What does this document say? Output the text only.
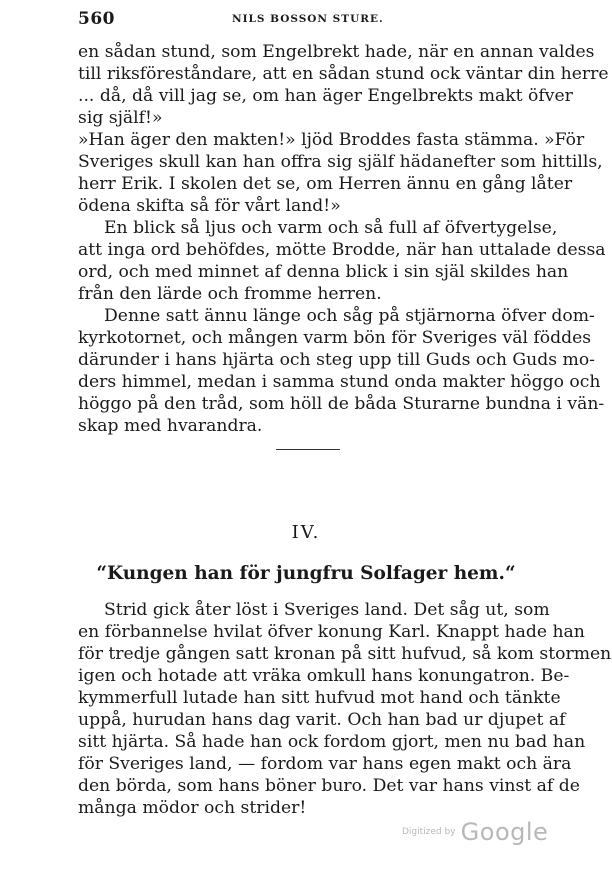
560	NILS BOSSON STURE.
en sådan stund, som Engelbrekt hade, när en annan valdes
till riksföreståndare, att en sådan stund ock väntar din herre
... då, då vill jag se, om han äger Engelbrekts makt öfver
sig själf!»
»Han äger den makten!» ljöd Broddes fasta stämma. »För
Sveriges skull kan han offra sig själf hädanefter som hittills,
herr Erik. I skolen det se, om Herren ännu en gång låter
ödena skifta så för vårt land!»
En blick så ljus och varm och så full af öfvertygelse,
att inga ord behöfdes, mötte Brodde, när han uttalade dessa
ord, och med minnet af denna blick i sin själ skildes han
från den lärde och fromme herren.
Denne satt ännu länge och såg på stjärnorna öfver dom-
kyrkotornet, och mången varm bön för Sveriges väl föddes
därunder i hans hjärta och steg upp till Guds och Guds mo-
ders himmel, medan i samma stund onda makter höggo och
höggo på den tråd, som höll de båda Sturarne bundna i vän-
skap med hvarandra.
IV.
“Kungen han för jungfru Solfager hem.“
Strid gick åter löst i Sveriges land. Det såg ut, som
en förbannelse hvilat öfver konung Karl. Knappt hade han
för tredje gången satt kronan på sitt hufvud, så kom stormen
igen och hotade att vräka omkull hans konungatron. Be-
kymmerfull lutade han sitt hufvud mot hand och tänkte
uppå, hurudan hans dag varit. Och han bad ur djupet af
sitt hjärta. Så hade han ock fordom gjort, men nu bad han
för Sveriges land, — fordom var hans egen makt och ära
den börda, som hans böner buro. Det var hans vinst af de
många mödor och strider!
Digitized by Google
